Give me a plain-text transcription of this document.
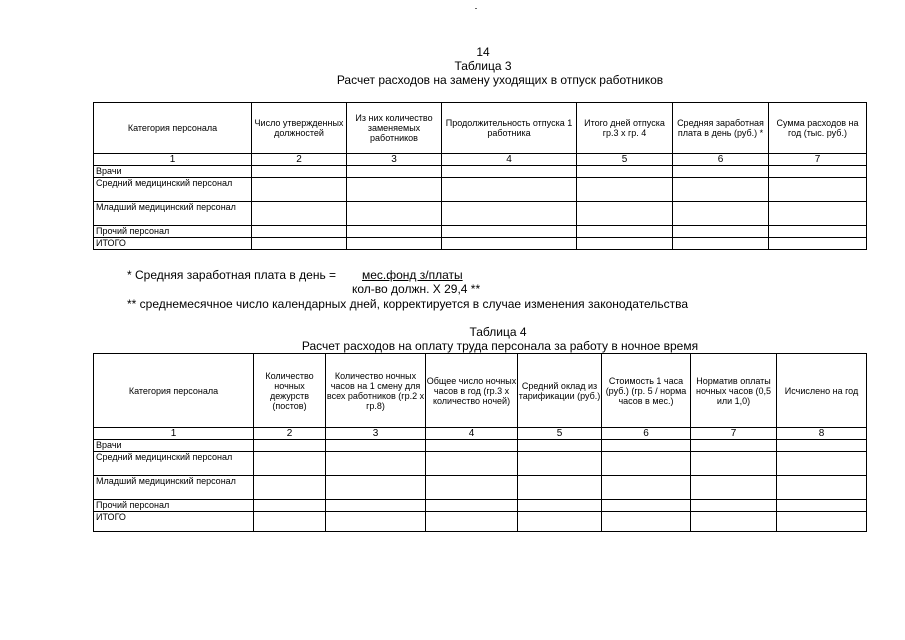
14
Таблица 3
Расчет расходов на замену уходящих в отпуск работников
Категория персонала	Число утвержденных должностей	Из них количество заменяемых работников	Продолжительность отпуска 1 работника	Итого дней отпуска гр.3 х гр. 4	Средняя заработная плата в день (руб.) *	Сумма расходов на год (тыс. руб.)
1	2	3	4	5	6	7
Врачи						
Средний медицинский персонал						
Младший медицинский персонал						
Прочий персонал						
ИТОГО						
* Средняя заработная плата в день = мес.фонд з/платы
кол-во должн. Х 29,4 **
** среднемесячное число календарных дней, корректируется в случае изменения законодательства
Таблица 4
Расчет расходов на оплату труда персонала за работу в ночное время
Категория персонала	Количество ночных дежурств (постов)	Количество ночных часов на 1 смену для всех работников (гр.2 х гр.8)	Общее число ночных часов в год (гр.3 х количество ночей)	Средний оклад из тарификации (руб.)	Стоимость 1 часа (руб.) (гр. 5 / норма часов в мес.)	Норматив оплаты ночных часов (0,5 или 1,0)	Исчислено на год
1	2	3	4	5	6	7	8
Врачи							
Средний медицинский персонал							
Младший медицинский персонал							
Прочий персонал							
ИТОГО							
